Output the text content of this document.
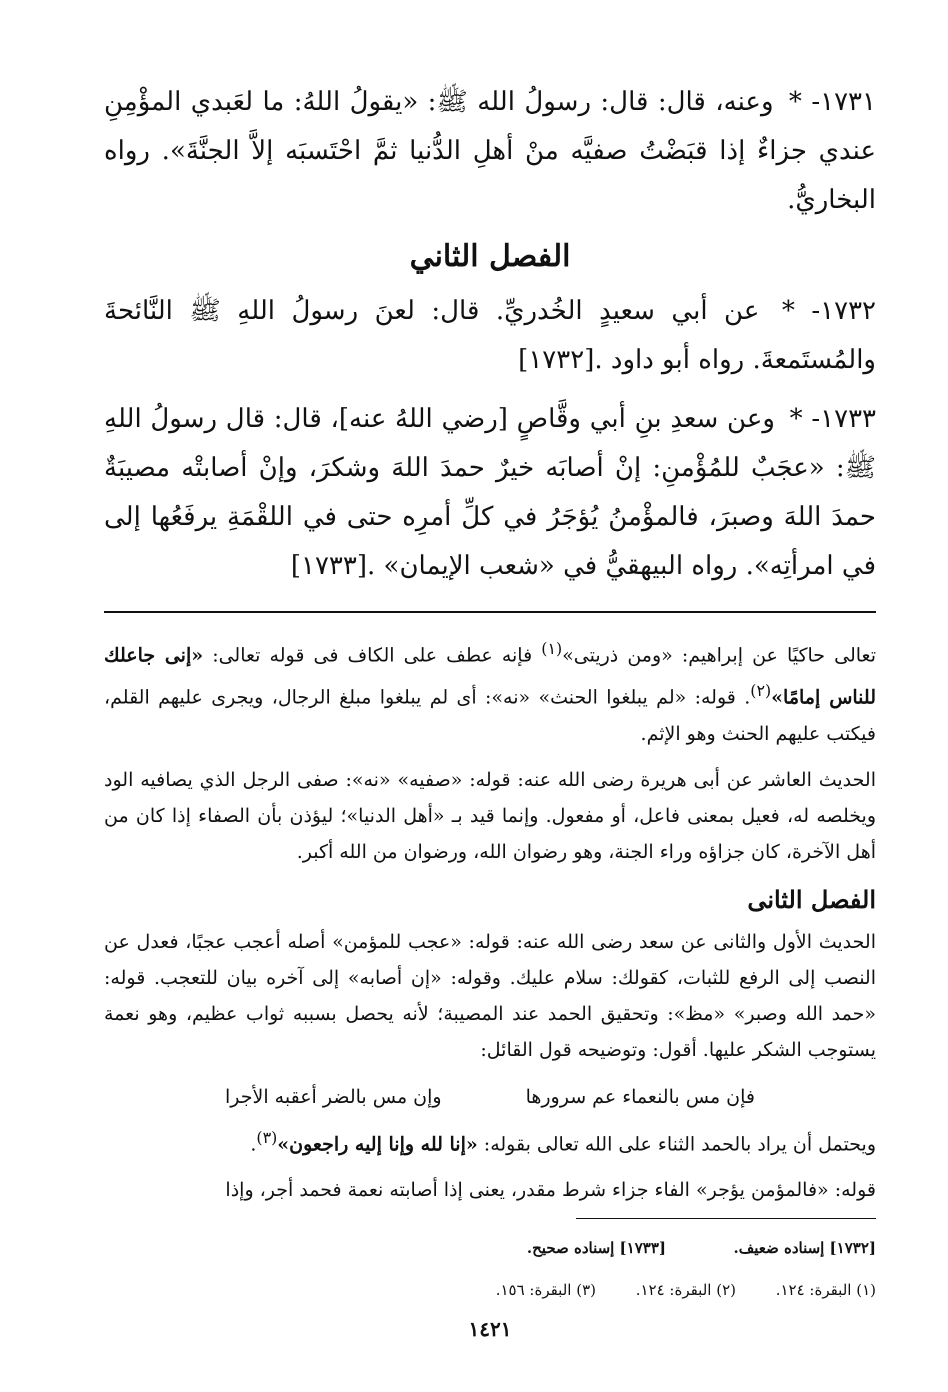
١٧٣١- * وعنه، قال: قال: رسولُ الله ﷺ: «يقولُ اللهُ: ما لعَبدي المؤْمِنِ عندي جزاءٌ إذا قبَضْتُ صفيَّه منْ أهلِ الدُّنيا ثمَّ احْتَسبَه إلاَّ الجنَّةَ». رواه البخاريُّ.

الفصل الثاني

١٧٣٢- * عن أبي سعيدٍ الخُدريِّ. قال: لعنَ رسولُ اللهِ ﷺ النَّائحةَ والمُستَمعةَ. رواه أبو داود .[١٧٣٢]

١٧٣٣- * وعن سعدِ بنِ أبي وقَّاصٍ [رضي اللهُ عنه]، قال: قال رسولُ اللهِ ﷺ: «عجَبٌ للمُؤْمنِ: إنْ أصابَه خيرٌ حمدَ اللهَ وشكرَ، وإنْ أصابتْه مصيبَةٌ حمدَ اللهَ وصبرَ، فالمؤْمنُ يُؤجَرُ في كلِّ أمرِه حتى في اللقْمَةِ يرفَعُها إلى في امرأتِه». رواه البيهقيُّ في «شعب الإيمان» .[١٧٣٣]

تعالى حاكيًا عن إبراهيم: «ومن ذريتى»$^{(١)}$ فإنه عطف على الكاف فى قوله تعالى: «إنى جاعلك للناس إمامًا»$^{(٢)}$. قوله: «لم يبلغوا الحنث» «نه»: أى لم يبلغوا مبلغ الرجال، ويجرى عليهم القلم، فيكتب عليهم الحنث وهو الإثم.

الحديث العاشر عن أبى هريرة رضى الله عنه: قوله: «صفيه» «نه»: صفى الرجل الذي يصافيه الود ويخلصه له، فعيل بمعنى فاعل، أو مفعول. وإنما قيد بـ «أهل الدنيا»؛ ليؤذن بأن الصفاء إذا كان من أهل الآخرة، كان جزاؤه وراء الجنة، وهو رضوان الله، ورضوان من الله أكبر.

الفصل الثانى

الحديث الأول والثانى عن سعد رضى الله عنه: قوله: «عجب للمؤمن» أصله أعجب عجبًا، فعدل عن النصب إلى الرفع للثبات، كقولك: سلام عليك. وقوله: «إن أصابه» إلى آخره بيان للتعجب. قوله: «حمد الله وصبر» «مظ»: وتحقيق الحمد عند المصيبة؛ لأنه يحصل بسببه ثواب عظيم، وهو نعمة يستوجب الشكر عليها. أقول: وتوضيحه قول القائل:

فإن مس بالنعماء عم سرورها
وإن مس بالضر أعقبه الأجرا

ويحتمل أن يراد بالحمد الثناء على الله تعالى بقوله: «إنا لله وإنا إليه راجعون»$^{(٣)}$.

قوله: «فالمؤمن يؤجر» الفاء جزاء شرط مقدر، يعنى إذا أصابته نعمة فحمد أجر، وإذا

[١٧٣٢] إسناده ضعيف.
[١٧٣٣] إسناده صحيح.
(١) البقرة: ١٢٤.
(٢) البقرة: ١٢٤.
(٣) البقرة: ١٥٦.
١٤٢١
